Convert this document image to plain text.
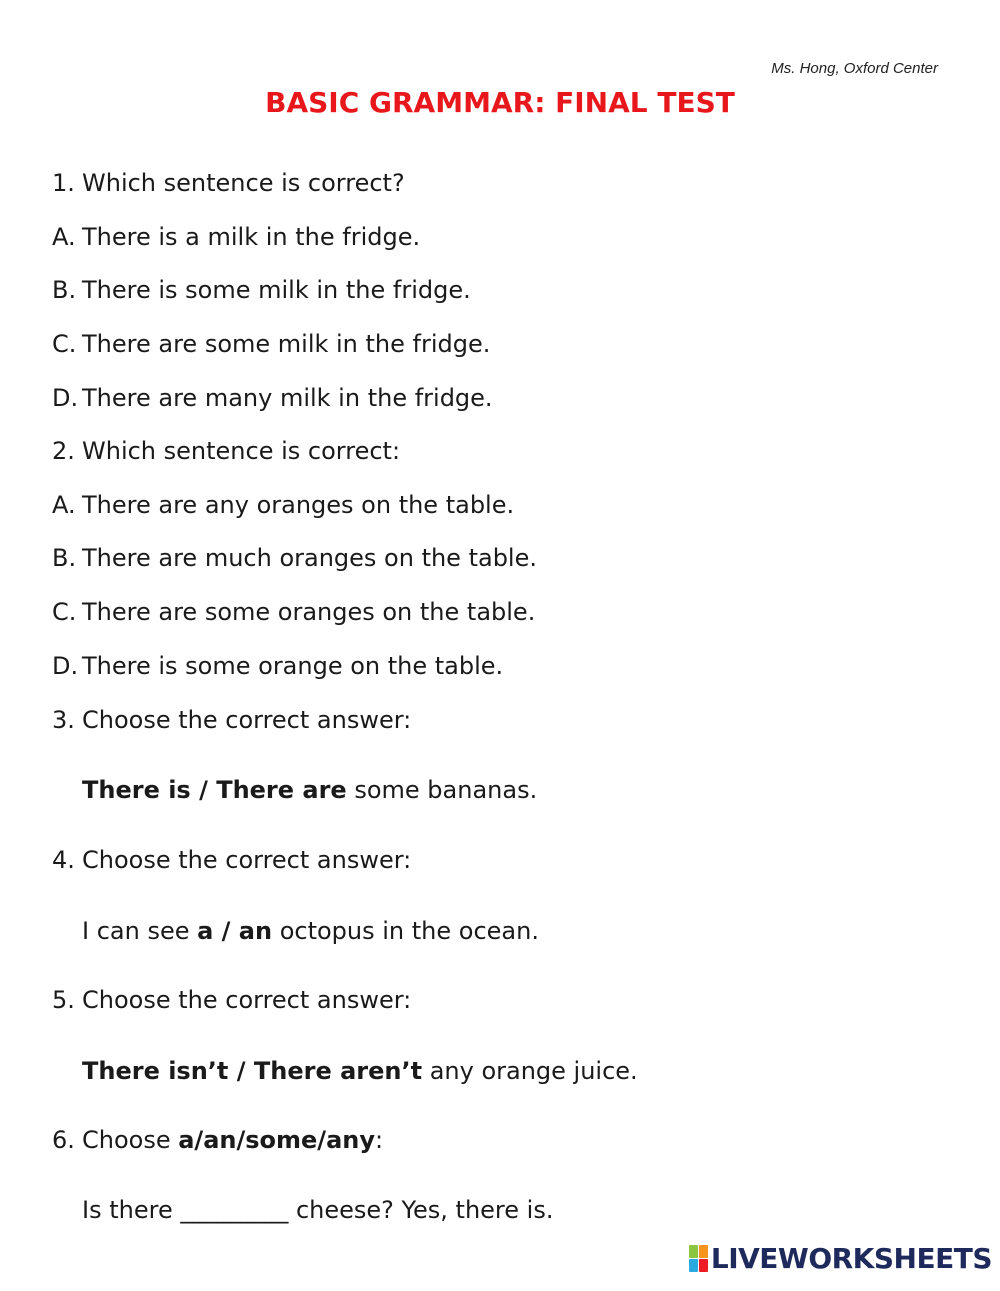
Ms. Hong, Oxford Center
BASIC GRAMMAR: FINAL TEST
1. Which sentence is correct?
A. There is a milk in the fridge.
B. There is some milk in the fridge.
C. There are some milk in the fridge.
D. There are many milk in the fridge.
2. Which sentence is correct:
A. There are any oranges on the table.
B. There are much oranges on the table.
C. There are some oranges on the table.
D. There is some orange on the table.
3. Choose the correct answer:
There is / There are some bananas.
4. Choose the correct answer:
I can see a / an octopus in the ocean.
5. Choose the correct answer:
There isn’t / There aren’t any orange juice.
6. Choose a/an/some/any:
Is there _________ cheese? Yes, there is.
LIVEWORKSHEETS
